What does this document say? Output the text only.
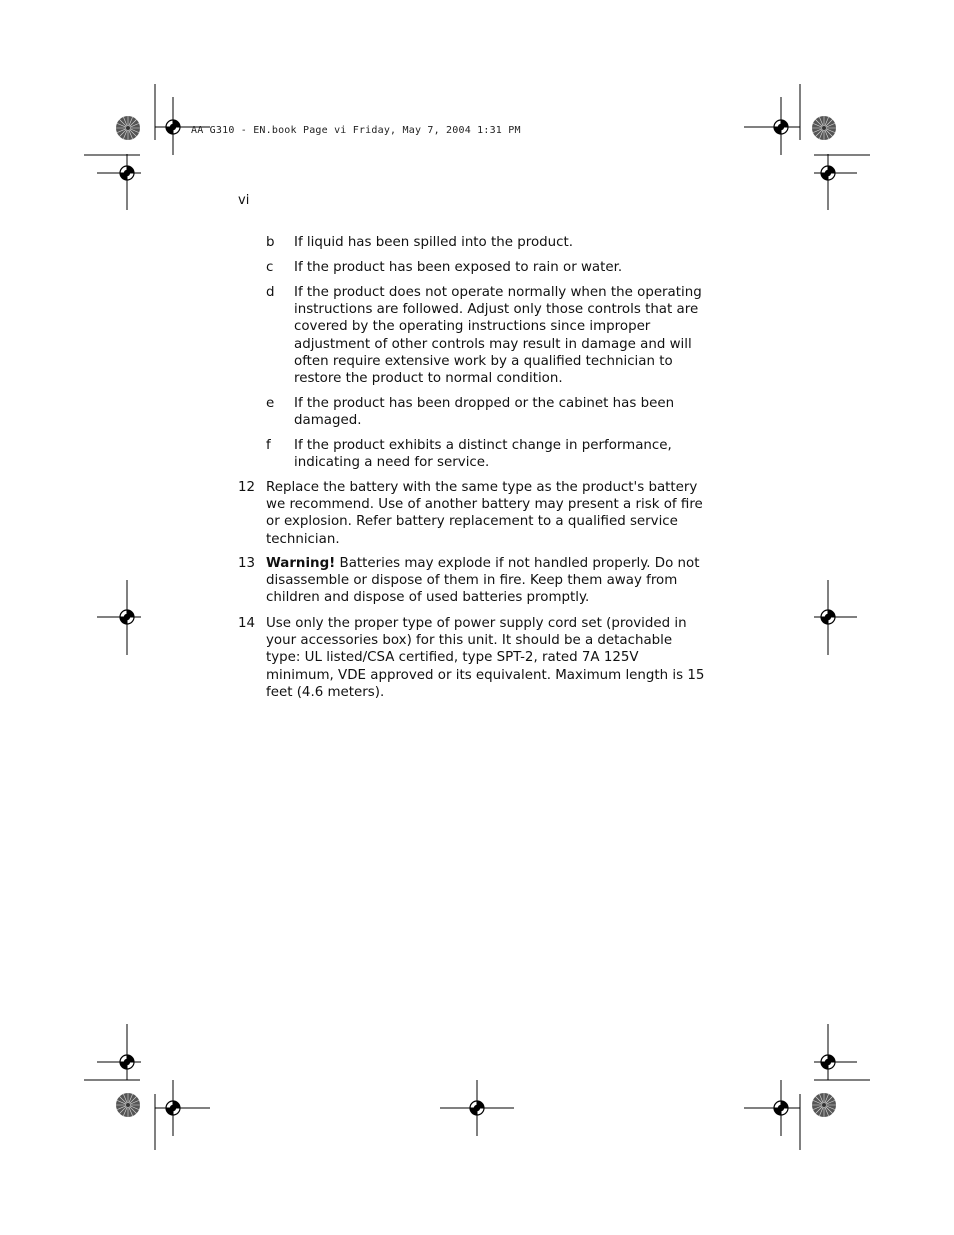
AA G310 - EN.book Page vi Friday, May 7, 2004 1:31 PM
vi
b If liquid has been spilled into the product.
c If the product has been exposed to rain or water.
d If the product does not operate normally when the operating instructions are followed. Adjust only those controls that are covered by the operating instructions since improper adjustment of other controls may result in damage and will often require extensive work by a qualified technician to restore the product to normal condition.
e If the product has been dropped or the cabinet has been damaged.
f If the product exhibits a distinct change in performance, indicating a need for service.
12 Replace the battery with the same type as the product's battery we recommend. Use of another battery may present a risk of fire or explosion. Refer battery replacement to a qualified service technician.
13 Warning! Batteries may explode if not handled properly. Do not disassemble or dispose of them in fire. Keep them away from children and dispose of used batteries promptly.
14 Use only the proper type of power supply cord set (provided in your accessories box) for this unit. It should be a detachable type: UL listed/CSA certified, type SPT-2, rated 7A 125V minimum, VDE approved or its equivalent. Maximum length is 15 feet (4.6 meters).
